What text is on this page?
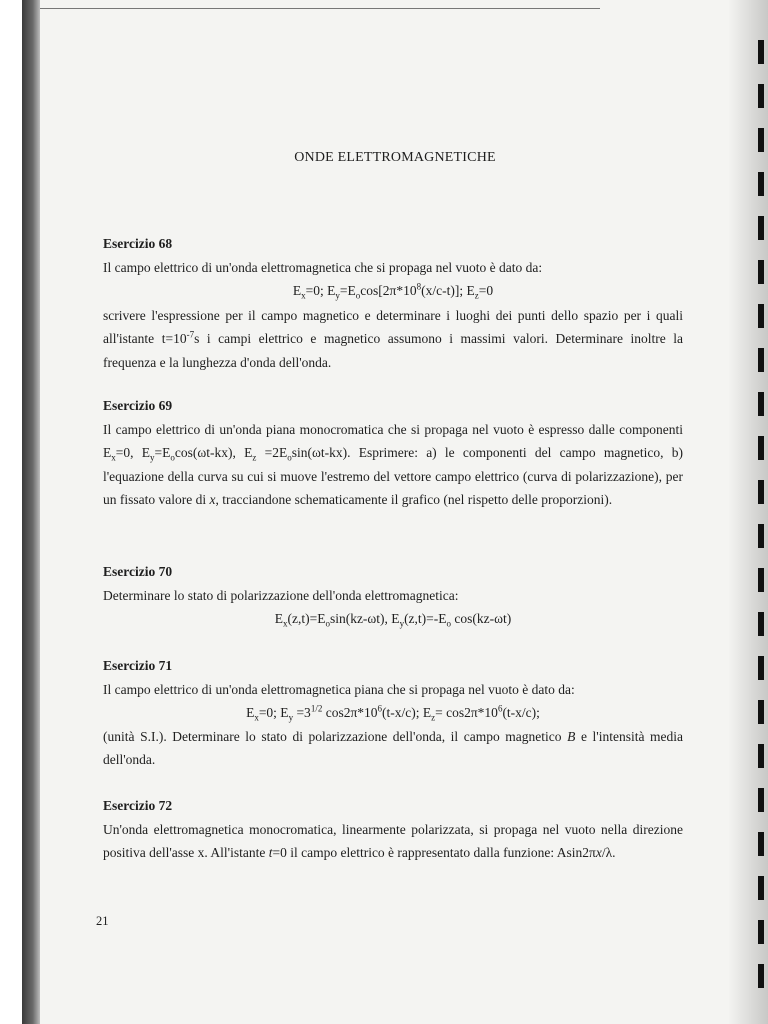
ONDE ELETTROMAGNETICHE
Esercizio 68

Il campo elettrico di un'onda elettromagnetica che si propaga nel vuoto è dato da:

$E_x=0$; $E_y=E_o\cos[2\pi*10^8(x/c-t)]$; $E_z=0$

scrivere l'espressione per il campo magnetico e determinare i luoghi dei punti dello spazio per i quali all'istante $t=10^{-7}s$ i campi elettrico e magnetico assumono i massimi valori. Determinare inoltre la frequenza e la lunghezza d'onda dell'onda.

Esercizio 69

Il campo elettrico di un'onda piana monocromatica che si propaga nel vuoto è espresso dalle componenti $E_x=0$, $E_y=E_o\cos(\omega t-kx)$, $E_z =2E_o\sin(\omega t-kx)$. Esprimere: a) le componenti del campo magnetico, b) l'equazione della curva su cui si muove l'estremo del vettore campo elettrico (curva di polarizzazione), per un fissato valore di x, tracciandone schematicamente il grafico (nel rispetto delle proporzioni).

Esercizio 70

Determinare lo stato di polarizzazione dell'onda elettromagnetica:

$E_x(z,t)=E_o\sin(kz-\omega t)$, $E_y(z,t)=-E_o$ cos(kz-ωt)

Esercizio 71

Il campo elettrico di un'onda elettromagnetica piana che si propaga nel vuoto è dato da:

$E_x=0$; $E_y =3^{1/2}$ $\cos 2\pi*10^6(t-x/c)$; $E_z= \cos 2\pi*10^6(t-x/c)$;

(unità S.I.). Determinare lo stato di polarizzazione dell'onda, il campo magnetico B e l'intensità media dell'onda.

Esercizio 72

Un'onda elettromagnetica monocromatica, linearmente polarizzata, si propaga nel vuoto nella direzione positiva dell'asse x. All'istante t=0 il campo elettrico è rappresentato dalla funzione: Asin2πx/λ.

21
